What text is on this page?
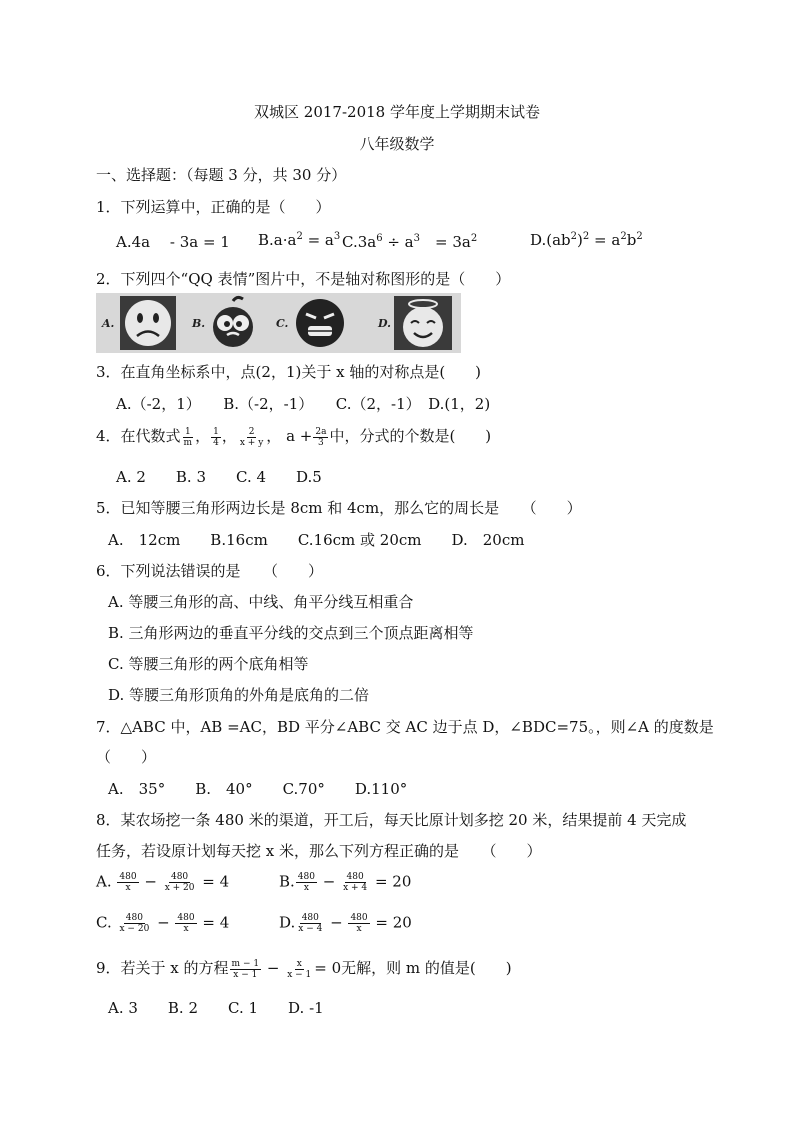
双城区 2017-2018 学年度上学期期末试卷
八年级数学
一、选择题：（每题 3 分，共 30 分）
1．下列运算中，正确的是（　　）
A.4a　 - 3a = 1 $B.a\cdot a^2 = a^3$ $C.3a^6 \div a^3$　= $3a^2$	$D.(ab^2)^2 = a^2b^2$
2．下列四个“QQ 表情”图片中，不是轴对称图形的是（　　）
A.	B.	C.	D.
3．在直角坐标系中，点(2，1)关于 x 轴的对称点是(　　)
A.（-2，1）　　B.（-2，-1）　　C.（2，-1）　D.(1，2)
4．在代数式 $\frac{1}{m}$ ， $\frac{1}{4}$ ， $\frac{2}{x + y}$ ， $a + \frac{2a}{3}$ 中，分式的个数是(　　)
A. 2　　B. 3　　C. 4　　D.5
5．已知等腰三角形两边长是 8cm 和 4cm，那么它的周长是　　（　　）
A.　12cm　　B.16cm　　C.16cm 或 20cm　　D.　20cm
6．下列说法错误的是　　（　　）
A. 等腰三角形的高、中线、角平分线互相重合
B. 三角形两边的垂直平分线的交点到三个顶点距离相等
C. 等腰三角形的两个底角相等
D. 等腰三角形顶角的外角是底角的二倍
7．△ABC 中，AB =AC，BD 平分∠ABC 交 AC 边于点 D，∠BDC=75。，则∠A 的度数是
（　　）
A.　35°　　B.　40°　　C.70°　　D.110°
8．某农场挖一条 480 米的渠道，开工后，每天比原计划多挖 20 米，结果提前 4 天完成
任务，若设原计划每天挖 x 米，那么下列方程正确的是　　（　　）
A. $\frac{480}{x} - \frac{480}{x + 20} = 4$	B. $\frac{480}{x} - \frac{480}{x + 4} = 20$
C. $\frac{480}{x - 20} - \frac{480}{x} = 4$	D. $\frac{480}{x - 4} - \frac{480}{x} = 20$
9．若关于 x 的方程 $\frac{m - 1}{x - 1} - \frac{x}{x - 1} = 0$无解，则 m 的值是(　　)
A. 3　　B. 2　　C. 1　　D. -1
